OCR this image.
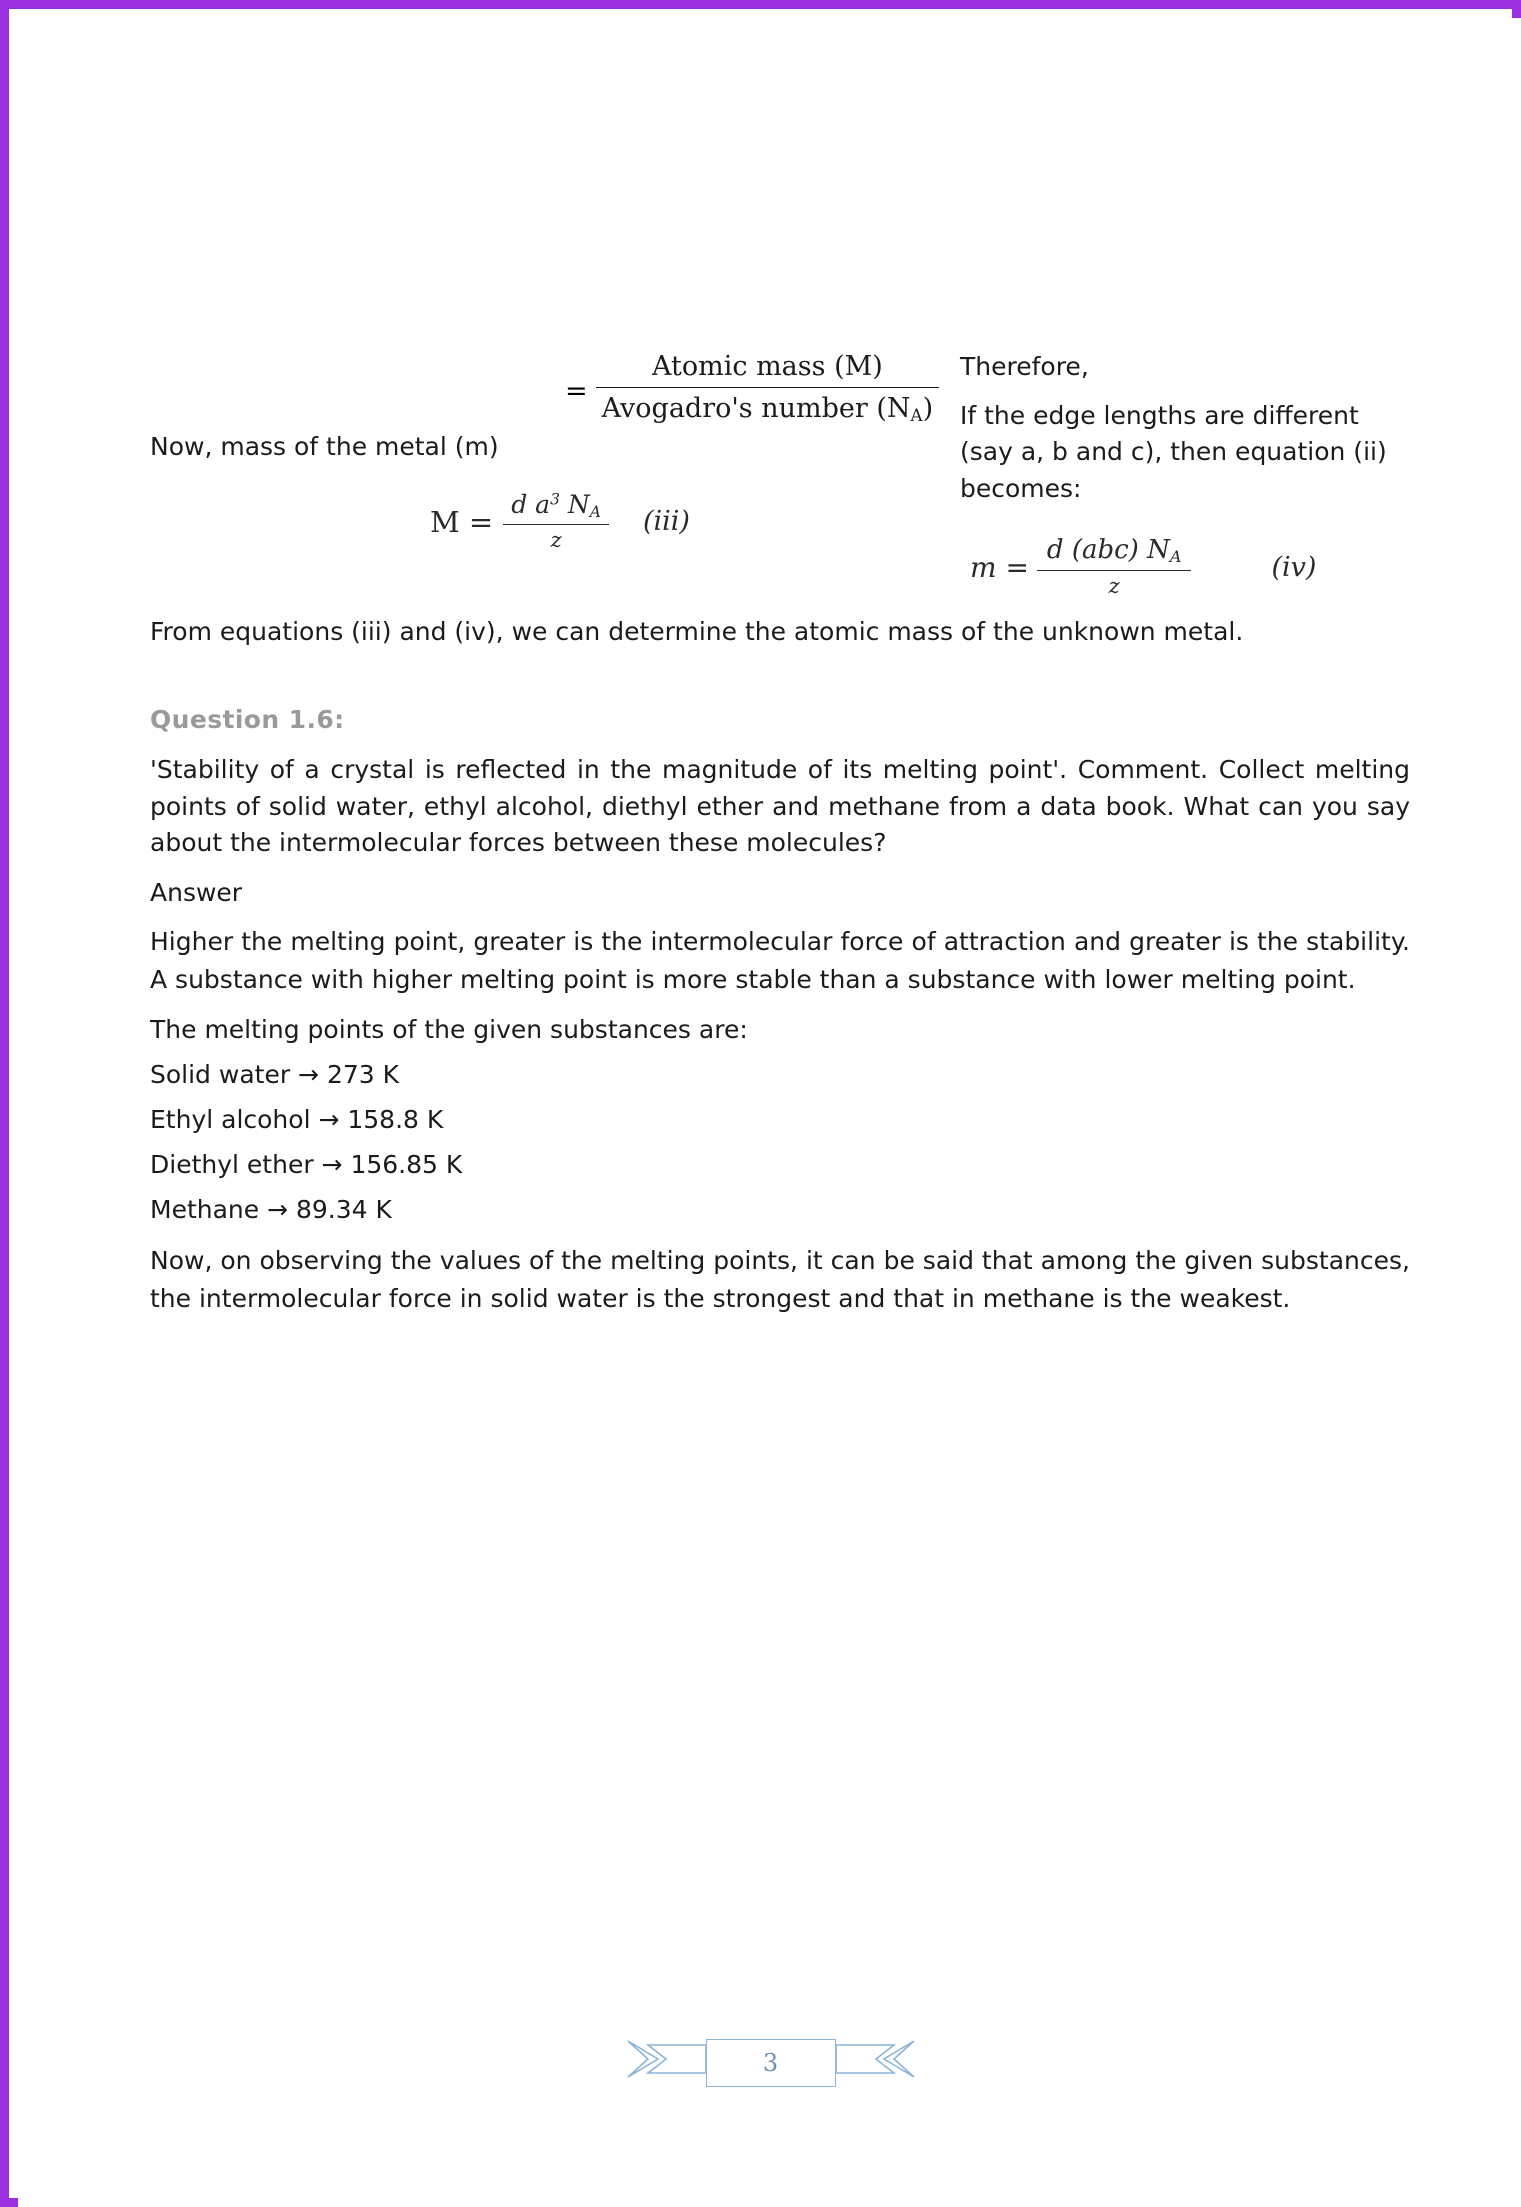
Now, mass of the metal (m)
= $\frac{\text{Atomic mass (M)}}{Avogadro's number (N_A)}$
$M = \frac{d a^3 N_A}{z}$	(iii)
Therefore,
If the edge lengths are different (say a, b and c), then equation (ii) becomes:
$m = \frac{d (abc) N_A}{z}$	(iv)
From equations (iii) and (iv), we can determine the atomic mass of the unknown metal.
Question 1.6:
'Stability of a crystal is reflected in the magnitude of its melting point'. Comment. Collect melting points of solid water, ethyl alcohol, diethyl ether and methane from a data book. What can you say about the intermolecular forces between these molecules?
Answer
Higher the melting point, greater is the intermolecular force of attraction and greater is the stability. A substance with higher melting point is more stable than a substance with lower melting point.
The melting points of the given substances are:
Solid water → 273 K
Ethyl alcohol → 158.8 K
Diethyl ether → 156.85 K
Methane → 89.34 K
Now, on observing the values of the melting points, it can be said that among the given substances, the intermolecular force in solid water is the strongest and that in methane is the weakest.
3
